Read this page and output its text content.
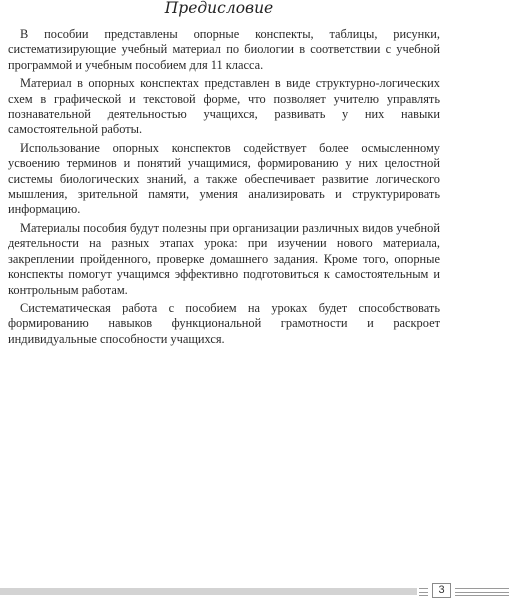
Предисловие

В пособии представлены опорные конспекты, таблицы, рисунки, систематизирующие учебный материал по биологии в соответствии с учебной программой и учебным пособием для 11 класса.

Материал в опорных конспектах представлен в виде структурно-логических схем в графической и текстовой форме, что позволяет учителю управлять познавательной деятельностью учащихся, развивать у них навыки самостоятельной работы.

Использование опорных конспектов содействует более осмысленному усвоению терминов и понятий учащимися, формированию у них целостной системы биологических знаний, а также обеспечивает развитие логического мышления, зрительной памяти, умения анализировать и структурировать информацию.

Материалы пособия будут полезны при организации различных видов учебной деятельности на разных этапах урока: при изучении нового материала, закреплении пройденного, проверке домашнего задания. Кроме того, опорные конспекты помогут учащимся эффективно подготовиться к самостоятельным и контрольным работам.

Систематическая работа с пособием на уроках будет способствовать формированию навыков функциональной грамотности и раскроет индивидуальные способности учащихся.

3
